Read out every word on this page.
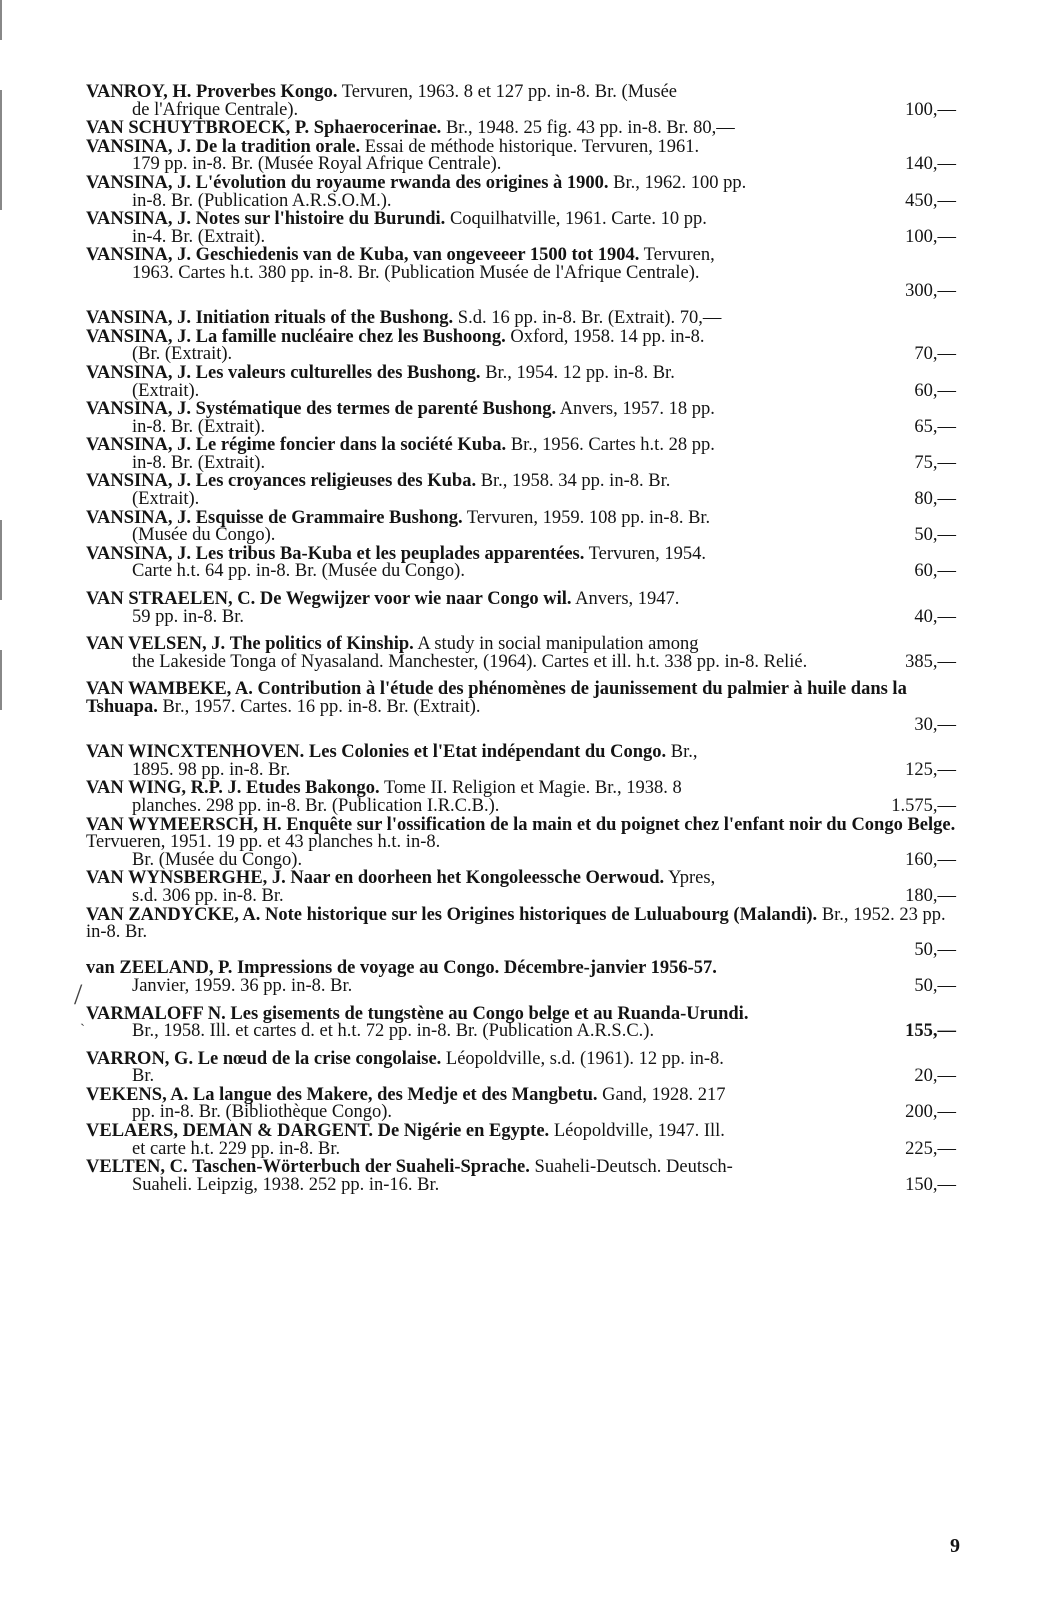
/
`
VANROY, H. Proverbes Kongo. Tervuren, 1963. 8 et 127 pp. in-8. Br. (Musée
de l'Afrique Centrale).	100,—
VAN SCHUYTBROECK, P. Sphaerocerinae. Br., 1948. 25 fig. 43 pp. in-8. Br. 80,—
VANSINA, J. De la tradition orale. Essai de méthode historique. Tervuren, 1961.
179 pp. in-8. Br. (Musée Royal Afrique Centrale).	140,—
VANSINA, J. L'évolution du royaume rwanda des origines à 1900. Br., 1962. 100 pp.
in-8. Br. (Publication A.R.S.O.M.).	450,—
VANSINA, J. Notes sur l'histoire du Burundi. Coquilhatville, 1961. Carte. 10 pp.
in-4. Br. (Extrait).	100,—
VANSINA, J. Geschiedenis van de Kuba, van ongeveeer 1500 tot 1904. Tervuren,
1963. Cartes h.t. 380 pp. in-8. Br. (Publication Musée de l'Afrique Centrale).
300,—
VANSINA, J. Initiation rituals of the Bushong. S.d. 16 pp. in-8. Br. (Extrait). 70,—
VANSINA, J. La famille nucléaire chez les Bushoong. Oxford, 1958. 14 pp. in-8.
(Br. (Extrait).	70,—
VANSINA, J. Les valeurs culturelles des Bushong. Br., 1954. 12 pp. in-8. Br.
(Extrait).	60,—
VANSINA, J. Systématique des termes de parenté Bushong. Anvers, 1957. 18 pp.
in-8. Br. (Extrait).	65,—
VANSINA, J. Le régime foncier dans la société Kuba. Br., 1956. Cartes h.t. 28 pp.
in-8. Br. (Extrait).	75,—
VANSINA, J. Les croyances religieuses des Kuba. Br., 1958. 34 pp. in-8. Br.
(Extrait).	80,—
VANSINA, J. Esquisse de Grammaire Bushong. Tervuren, 1959. 108 pp. in-8. Br.
(Musée du Congo).	50,—
VANSINA, J. Les tribus Ba-Kuba et les peuplades apparentées. Tervuren, 1954.
Carte h.t. 64 pp. in-8. Br. (Musée du Congo).	60,—
VAN STRAELEN, C. De Wegwijzer voor wie naar Congo wil. Anvers, 1947.
59 pp. in-8. Br.	40,—
VAN VELSEN, J. The politics of Kinship. A study in social manipulation among
the Lakeside Tonga of Nyasaland. Manchester, (1964). Cartes et ill. h.t. 338 pp. in-8. Relié.	385,—
VAN WAMBEKE, A. Contribution à l'étude des phénomènes de jaunissement du palmier à huile dans la Tshuapa. Br., 1957. Cartes. 16 pp. in-8. Br. (Extrait).
30,—
VAN WINCXTENHOVEN. Les Colonies et l'Etat indépendant du Congo. Br.,
1895. 98 pp. in-8. Br.	125,—
VAN WING, R.P. J. Etudes Bakongo. Tome II. Religion et Magie. Br., 1938. 8
planches. 298 pp. in-8. Br. (Publication I.R.C.B.).	1.575,—
VAN WYMEERSCH, H. Enquête sur l'ossification de la main et du poignet chez l'enfant noir du Congo Belge. Tervueren, 1951. 19 pp. et 43 planches h.t. in-8.
Br. (Musée du Congo).	160,—
VAN WYNSBERGHE, J. Naar en doorheen het Kongoleessche Oerwoud. Ypres,
s.d. 306 pp. in-8. Br.	180,—
VAN ZANDYCKE, A. Note historique sur les Origines historiques de Luluabourg (Malandi). Br., 1952. 23 pp. in-8. Br.
50,—
van ZEELAND, P. Impressions de voyage au Congo. Décembre-janvier 1956-57.
Janvier, 1959. 36 pp. in-8. Br.	50,—
VARMALOFF N. Les gisements de tungstène au Congo belge et au Ruanda-Urundi.
Br., 1958. Ill. et cartes d. et h.t. 72 pp. in-8. Br. (Publication A.R.S.C.).	155,—
VARRON, G. Le nœud de la crise congolaise. Léopoldville, s.d. (1961). 12 pp. in-8.
Br.	20,—
VEKENS, A. La langue des Makere, des Medje et des Mangbetu. Gand, 1928. 217
pp. in-8. Br. (Bibliothèque Congo).	200,—
VELAERS, DEMAN & DARGENT. De Nigérie en Egypte. Léopoldville, 1947. Ill.
et carte h.t. 229 pp. in-8. Br.	225,—
VELTEN, C. Taschen-Wörterbuch der Suaheli-Sprache. Suaheli-Deutsch. Deutsch-
Suaheli. Leipzig, 1938. 252 pp. in-16. Br.	150,—
9
